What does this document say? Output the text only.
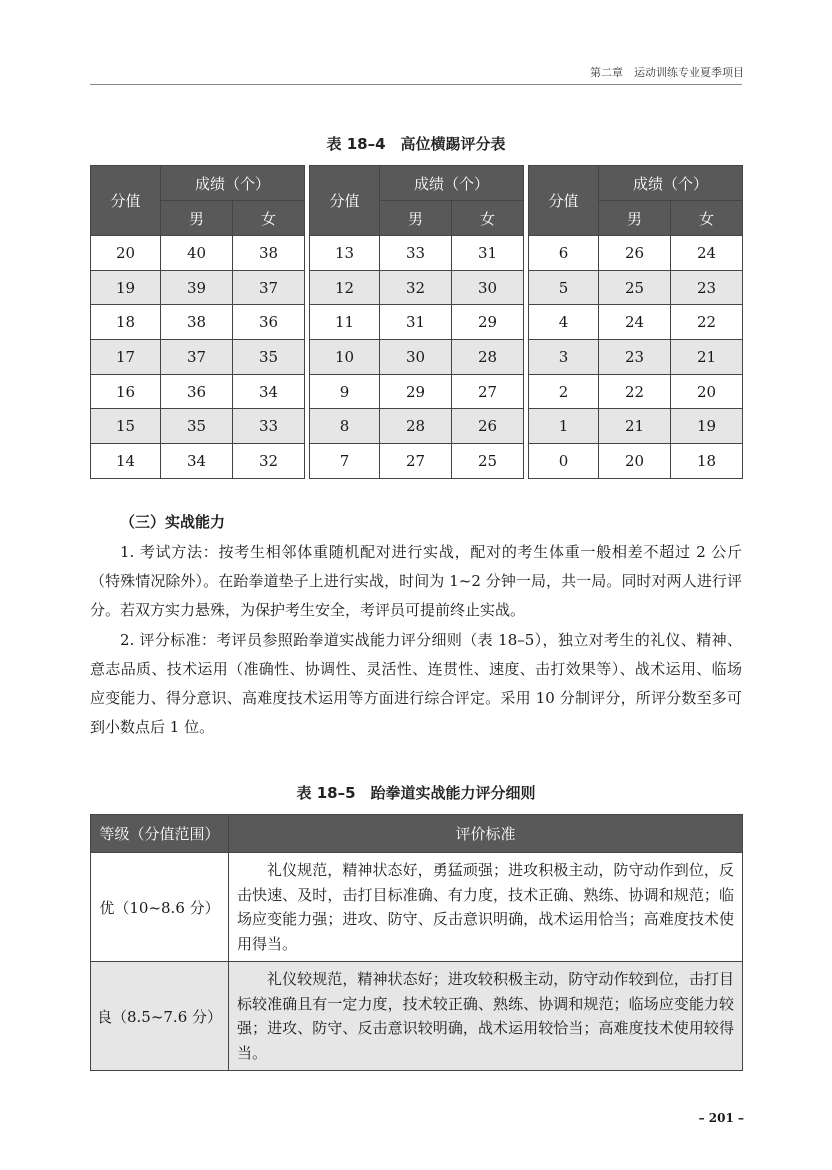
第二章　运动训练专业夏季项目
表 18–4　高位横踢评分表
分值	成绩（个）	
	男	女
20	40	38
19	39	37
18	38	36
17	37	35
16	36	34
15	35	33
14	34	32
分值	成绩（个）	
	男	女
13	33	31
12	32	30
11	31	29
10	30	28
9	29	27
8	28	26
7	27	25
分值	成绩（个）	
	男	女
6	26	24
5	25	23
4	24	22
3	23	21
2	22	20
1	21	19
0	20	18
（三）实战能力

1. 考试方法：按考生相邻体重随机配对进行实战，配对的考生体重一般相差不超过 2 公斤（特殊情况除外）。在跆拳道垫子上进行实战，时间为 1~2 分钟一局，共一局。同时对两人进行评分。若双方实力悬殊，为保护考生安全，考评员可提前终止实战。

2. 评分标准：考评员参照跆拳道实战能力评分细则（表 18–5），独立对考生的礼仪、精神、意志品质、技术运用（准确性、协调性、灵活性、连贯性、速度、击打效果等）、战术运用、临场应变能力、得分意识、高难度技术运用等方面进行综合评定。采用 10 分制评分，所评分数至多可到小数点后 1 位。

表 18–5　跆拳道实战能力评分细则
等级（分值范围）	评价标准
优（10~8.6 分）	礼仪规范，精神状态好，勇猛顽强；进攻积极主动，防守动作到位，反击快速、及时，击打目标准确、有力度，技术正确、熟练、协调和规范；临场应变能力强；进攻、防守、反击意识明确，战术运用恰当；高难度技术使用得当。
良（8.5~7.6 分）	礼仪较规范，精神状态好；进攻较积极主动，防守动作较到位，击打目标较准确且有一定力度，技术较正确、熟练、协调和规范；临场应变能力较强；进攻、防守、反击意识较明确，战术运用较恰当；高难度技术使用较得当。
– 201 –
